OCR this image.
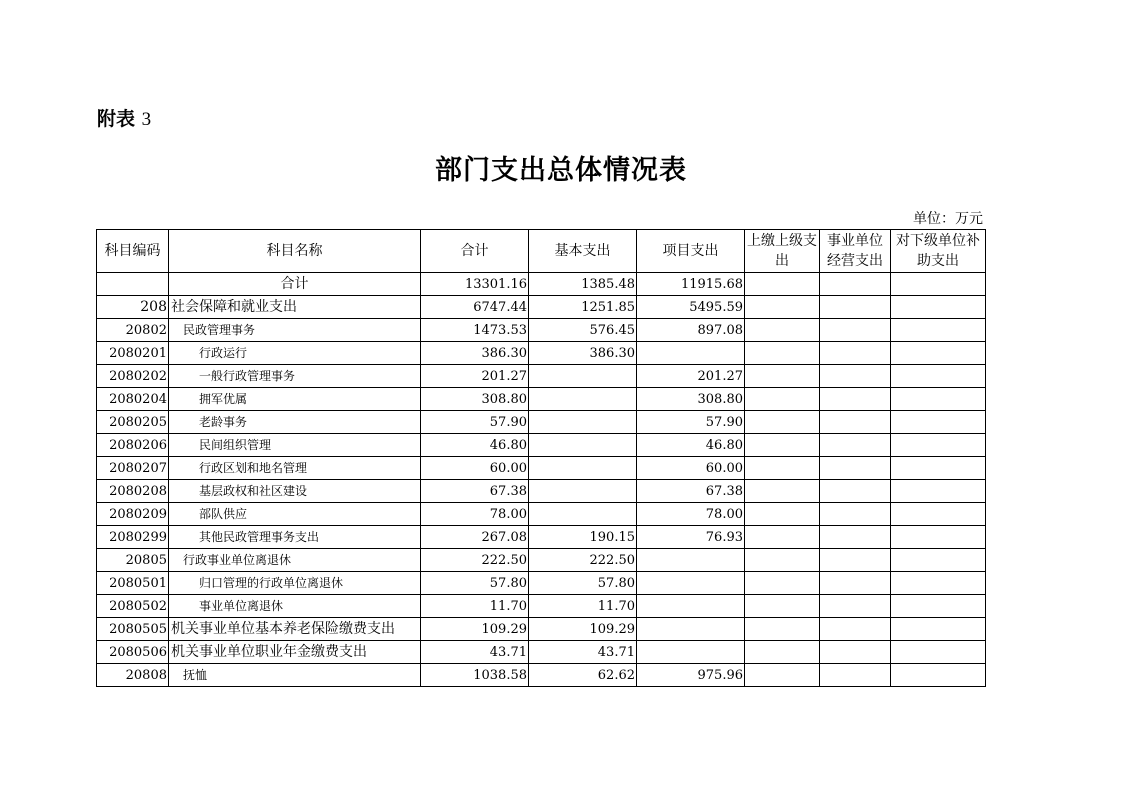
附表 3
部门支出总体情况表
单位：万元
科目编码	科目名称	合计	基本支出	项目支出	上缴上级支出	事业单位经营支出	对下级单位补助支出
	合计	13301.16	1385.48	11915.68			
208	社会保障和就业支出	6747.44	1251.85	5495.59			
20802	民政管理事务	1473.53	576.45	897.08			
2080201	行政运行	386.30	386.30				
2080202	一般行政管理事务	201.27		201.27			
2080204	拥军优属	308.80		308.80			
2080205	老龄事务	57.90		57.90			
2080206	民间组织管理	46.80		46.80			
2080207	行政区划和地名管理	60.00		60.00			
2080208	基层政权和社区建设	67.38		67.38			
2080209	部队供应	78.00		78.00			
2080299	其他民政管理事务支出	267.08	190.15	76.93			
20805	行政事业单位离退休	222.50	222.50				
2080501	归口管理的行政单位离退休	57.80	57.80				
2080502	事业单位离退休	11.70	11.70				
2080505	机关事业单位基本养老保险缴费支出	109.29	109.29				
2080506	机关事业单位职业年金缴费支出	43.71	43.71				
20808	抚恤	1038.58	62.62	975.96			
